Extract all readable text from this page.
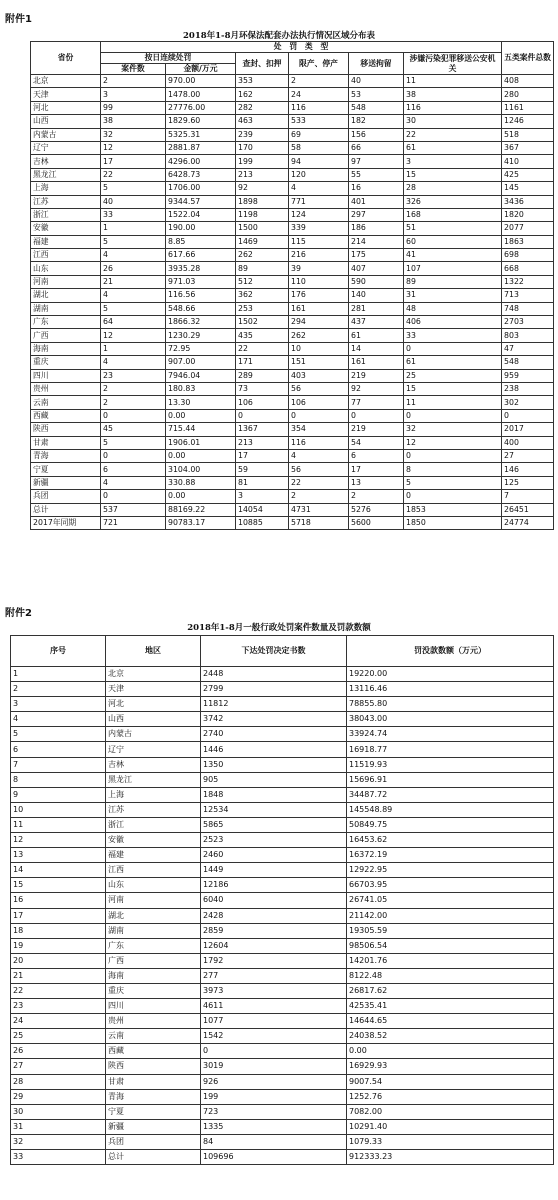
附件1
2018年1-8月环保法配套办法执行情况区域分布表
省份	处　罚　类　型						五类案件总数
	按日连续处罚		查封、扣押	限产、停产	移送拘留	涉嫌污染犯罪移送公安机关	
	案件数	金额/万元					
北京	2	970.00	353	2	40	11	408
天津	3	1478.00	162	24	53	38	280
河北	99	27776.00	282	116	548	116	1161
山西	38	1829.60	463	533	182	30	1246
内蒙古	32	5325.31	239	69	156	22	518
辽宁	12	2881.87	170	58	66	61	367
吉林	17	4296.00	199	94	97	3	410
黑龙江	22	6428.73	213	120	55	15	425
上海	5	1706.00	92	4	16	28	145
江苏	40	9344.57	1898	771	401	326	3436
浙江	33	1522.04	1198	124	297	168	1820
安徽	1	190.00	1500	339	186	51	2077
福建	5	8.85	1469	115	214	60	1863
江西	4	617.66	262	216	175	41	698
山东	26	3935.28	89	39	407	107	668
河南	21	971.03	512	110	590	89	1322
湖北	4	116.56	362	176	140	31	713
湖南	5	548.66	253	161	281	48	748
广东	64	1866.32	1502	294	437	406	2703
广西	12	1230.29	435	262	61	33	803
海南	1	72.95	22	10	14	0	47
重庆	4	907.00	171	151	161	61	548
四川	23	7946.04	289	403	219	25	959
贵州	2	180.83	73	56	92	15	238
云南	2	13.30	106	106	77	11	302
西藏	0	0.00	0	0	0	0	0
陕西	45	715.44	1367	354	219	32	2017
甘肃	5	1906.01	213	116	54	12	400
青海	0	0.00	17	4	6	0	27
宁夏	6	3104.00	59	56	17	8	146
新疆	4	330.88	81	22	13	5	125
兵团	0	0.00	3	2	2	0	7
总计	537	88169.22	14054	4731	5276	1853	26451
2017年同期	721	90783.17	10885	5718	5600	1850	24774
附件2
2018年1-8月一般行政处罚案件数量及罚款数额
序号	地区	下达处罚决定书数	罚没款数额（万元）
1	北京	2448	19220.00
2	天津	2799	13116.46
3	河北	11812	78855.80
4	山西	3742	38043.00
5	内蒙古	2740	33924.74
6	辽宁	1446	16918.77
7	吉林	1350	11519.93
8	黑龙江	905	15696.91
9	上海	1848	34487.72
10	江苏	12534	145548.89
11	浙江	5865	50849.75
12	安徽	2523	16453.62
13	福建	2460	16372.19
14	江西	1449	12922.95
15	山东	12186	66703.95
16	河南	6040	26741.05
17	湖北	2428	21142.00
18	湖南	2859	19305.59
19	广东	12604	98506.54
20	广西	1792	14201.76
21	海南	277	8122.48
22	重庆	3973	26817.62
23	四川	4611	42535.41
24	贵州	1077	14644.65
25	云南	1542	24038.52
26	西藏	0	0.00
27	陕西	3019	16929.93
28	甘肃	926	9007.54
29	青海	199	1252.76
30	宁夏	723	7082.00
31	新疆	1335	10291.40
32	兵团	84	1079.33
33	总计	109696	912333.23
